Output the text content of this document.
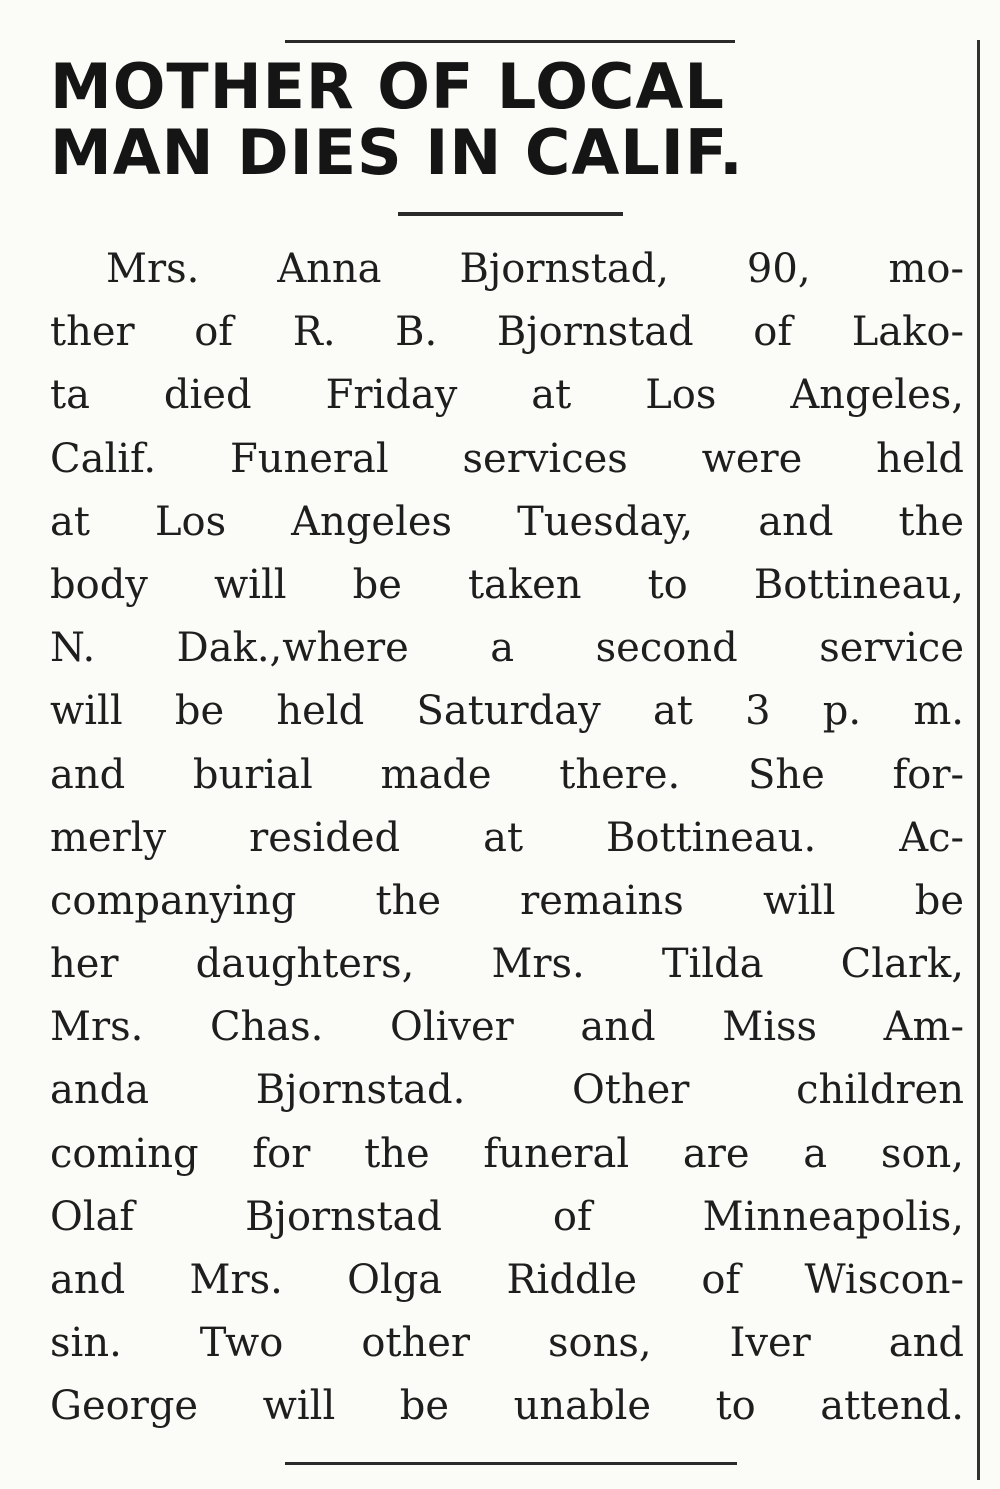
MOTHER OF LOCAL
MAN DIES IN CALIF.
Mrs. Anna Bjornstad, 90, mo-
ther of R. B. Bjornstad of Lako-
ta died Friday at Los Angeles,
Calif. Funeral services were held
at Los Angeles Tuesday, and the
body will be taken to Bottineau,
N. Dak.,where a second service
will be held Saturday at 3 p. m.
and burial made there. She for-
merly resided at Bottineau. Ac-
companying the remains will be
her daughters, Mrs. Tilda Clark,
Mrs. Chas. Oliver and Miss Am-
anda Bjornstad. Other children
coming for the funeral are a son,
Olaf Bjornstad of Minneapolis,
and Mrs. Olga Riddle of Wiscon-
sin. Two other sons, Iver and
George will be unable to attend.
